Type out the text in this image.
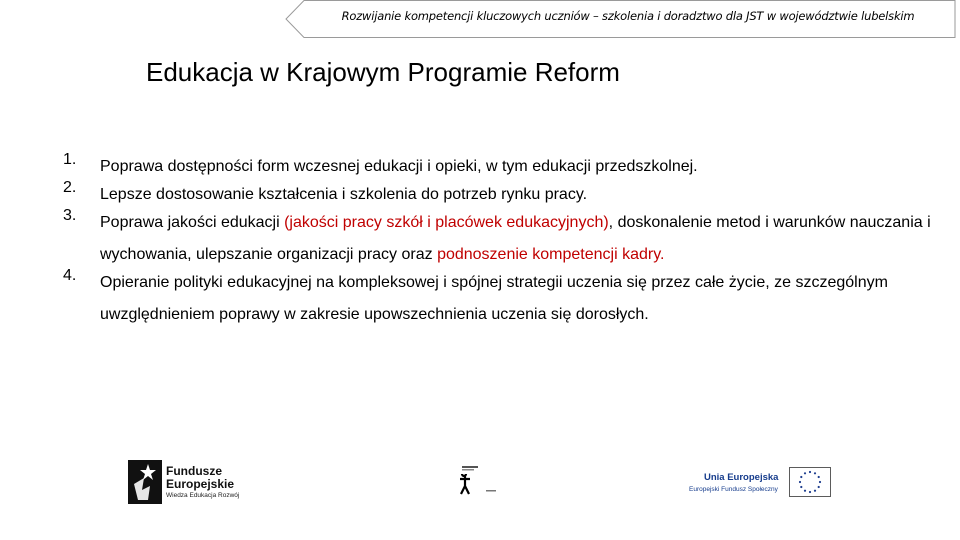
Rozwijanie kompetencji kluczowych uczniów – szkolenia i doradztwo dla JST w województwie lubelskim
Edukacja w Krajowym Programie Reform
1. Poprawa dostępności form wczesnej edukacji i opieki, w tym edukacji przedszkolnej.
2. Lepsze dostosowanie kształcenia i szkolenia do potrzeb rynku pracy.
3. Poprawa jakości edukacji (jakości pracy szkół i placówek edukacyjnych), doskonalenie metod i warunków nauczania i wychowania, ulepszanie organizacji pracy oraz podnoszenie kompetencji kadry.
4. Opieranie polityki edukacyjnej na kompleksowej i spójnej strategii uczenia się przez całe życie, ze szczególnym uwzględnieniem poprawy w zakresie upowszechnienia uczenia się dorosłych.
Fundusze
Europejskie
Wiedza Edukacja Rozwój
Unia Europejska
Europejski Fundusz Społeczny
